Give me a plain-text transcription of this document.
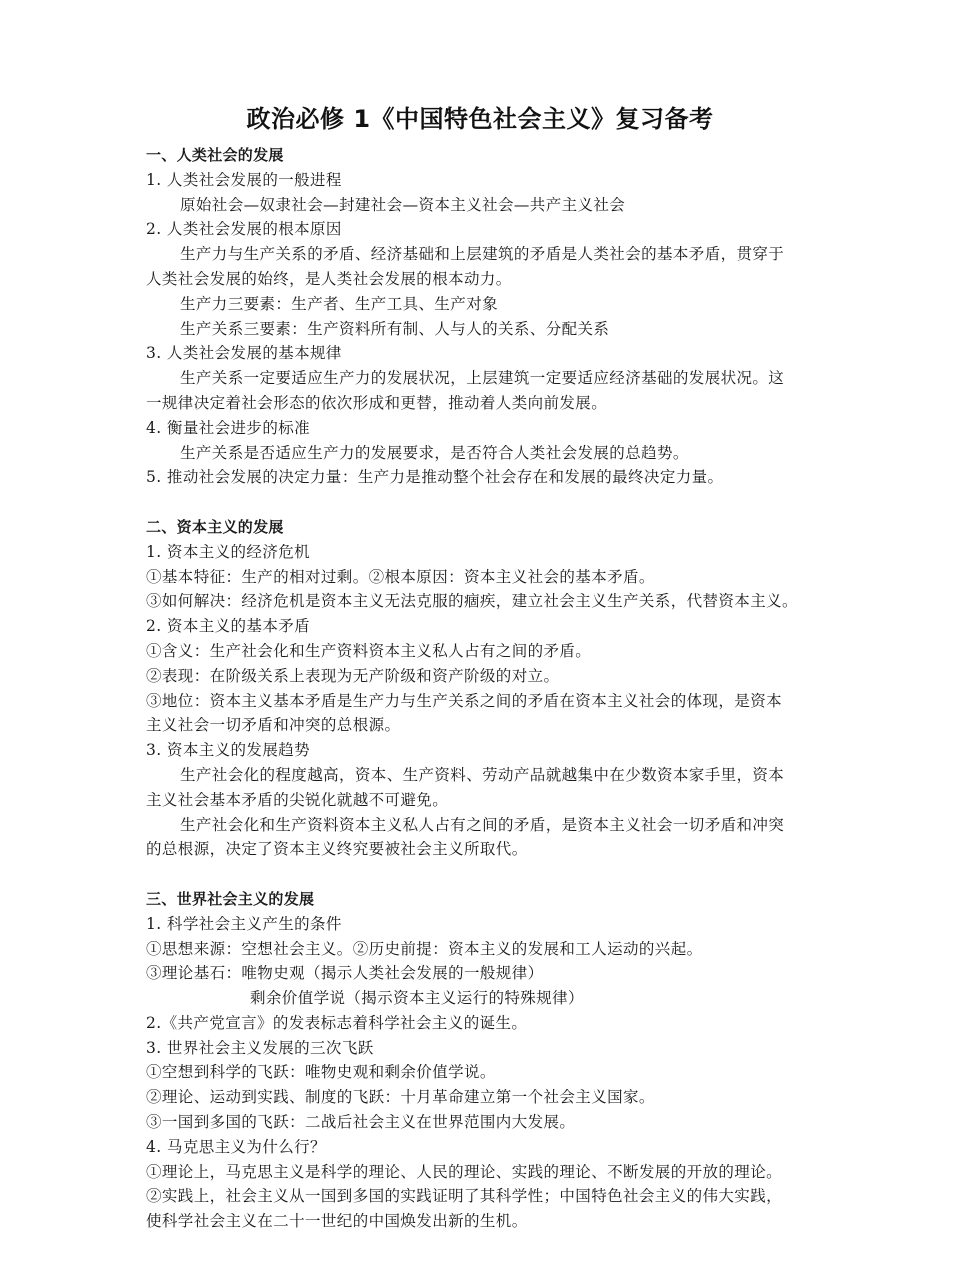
政治必修 1《中国特色社会主义》复习备考
一、人类社会的发展
1. 人类社会发展的一般进程
原始社会—奴隶社会—封建社会—资本主义社会—共产主义社会
2. 人类社会发展的根本原因
生产力与生产关系的矛盾、经济基础和上层建筑的矛盾是人类社会的基本矛盾，贯穿于
人类社会发展的始终，是人类社会发展的根本动力。
生产力三要素：生产者、生产工具、生产对象
生产关系三要素：生产资料所有制、人与人的关系、分配关系
3. 人类社会发展的基本规律
生产关系一定要适应生产力的发展状况，上层建筑一定要适应经济基础的发展状况。这
一规律决定着社会形态的依次形成和更替，推动着人类向前发展。
4. 衡量社会进步的标准
生产关系是否适应生产力的发展要求，是否符合人类社会发展的总趋势。
5. 推动社会发展的决定力量：生产力是推动整个社会存在和发展的最终决定力量。
二、资本主义的发展
1. 资本主义的经济危机
①基本特征：生产的相对过剩。②根本原因：资本主义社会的基本矛盾。
③如何解决：经济危机是资本主义无法克服的痼疾，建立社会主义生产关系，代替资本主义。
2. 资本主义的基本矛盾
①含义：生产社会化和生产资料资本主义私人占有之间的矛盾。
②表现：在阶级关系上表现为无产阶级和资产阶级的对立。
③地位：资本主义基本矛盾是生产力与生产关系之间的矛盾在资本主义社会的体现，是资本
主义社会一切矛盾和冲突的总根源。
3. 资本主义的发展趋势
生产社会化的程度越高，资本、生产资料、劳动产品就越集中在少数资本家手里，资本
主义社会基本矛盾的尖锐化就越不可避免。
生产社会化和生产资料资本主义私人占有之间的矛盾，是资本主义社会一切矛盾和冲突
的总根源，决定了资本主义终究要被社会主义所取代。
三、世界社会主义的发展
1. 科学社会主义产生的条件
①思想来源：空想社会主义。②历史前提：资本主义的发展和工人运动的兴起。
③理论基石：唯物史观（揭示人类社会发展的一般规律）
剩余价值学说（揭示资本主义运行的特殊规律）
2.《共产党宣言》的发表标志着科学社会主义的诞生。
3. 世界社会主义发展的三次飞跃
①空想到科学的飞跃：唯物史观和剩余价值学说。
②理论、运动到实践、制度的飞跃：十月革命建立第一个社会主义国家。
③一国到多国的飞跃：二战后社会主义在世界范围内大发展。
4. 马克思主义为什么行？
①理论上，马克思主义是科学的理论、人民的理论、实践的理论、不断发展的开放的理论。
②实践上，社会主义从一国到多国的实践证明了其科学性；中国特色社会主义的伟大实践，
使科学社会主义在二十一世纪的中国焕发出新的生机。
